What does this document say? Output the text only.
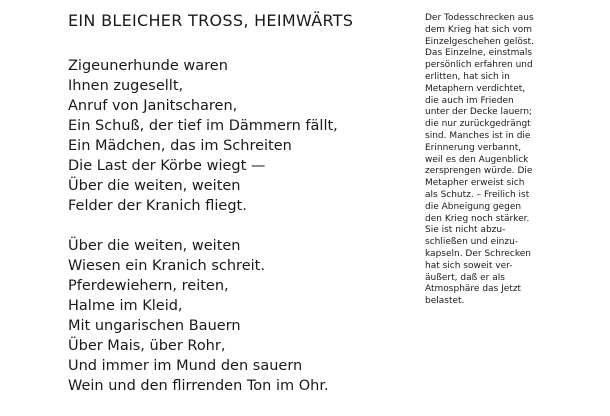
EIN BLEICHER TROSS, HEIMWÄRTS
Zigeunerhunde waren
Ihnen zugesellt,
Anruf von Janitscharen,
Ein Schuß, der tief im Dämmern fällt,
Ein Mädchen, das im Schreiten
Die Last der Körbe wiegt —
Über die weiten, weiten
Felder der Kranich fliegt.
Über die weiten, weiten
Wiesen ein Kranich schreit.
Pferdewiehern, reiten,
Halme im Kleid,
Mit ungarischen Bauern
Über Mais, über Rohr,
Und immer im Mund den sauern
Wein und den flirrenden Ton im Ohr.
Der Todesschrecken aus
dem Krieg hat sich vom
Einzelgeschehen gelöst.
Das Einzelne, einstmals
persönlich erfahren und
erlitten, hat sich in
Metaphern verdichtet,
die auch im Frieden
unter der Decke lauern;
die nur zurückgedrängt
sind. Manches ist in die
Erinnerung verbannt,
weil es den Augenblick
zersprengen würde. Die
Metapher erweist sich
als Schutz. – Freilich ist
die Abneigung gegen
den Krieg noch stärker.
Sie ist nicht abzu-
schließen und einzu-
kapseln. Der Schrecken
hat sich soweit ver-
äußert, daß er als
Atmosphäre das Jetzt
belastet.
